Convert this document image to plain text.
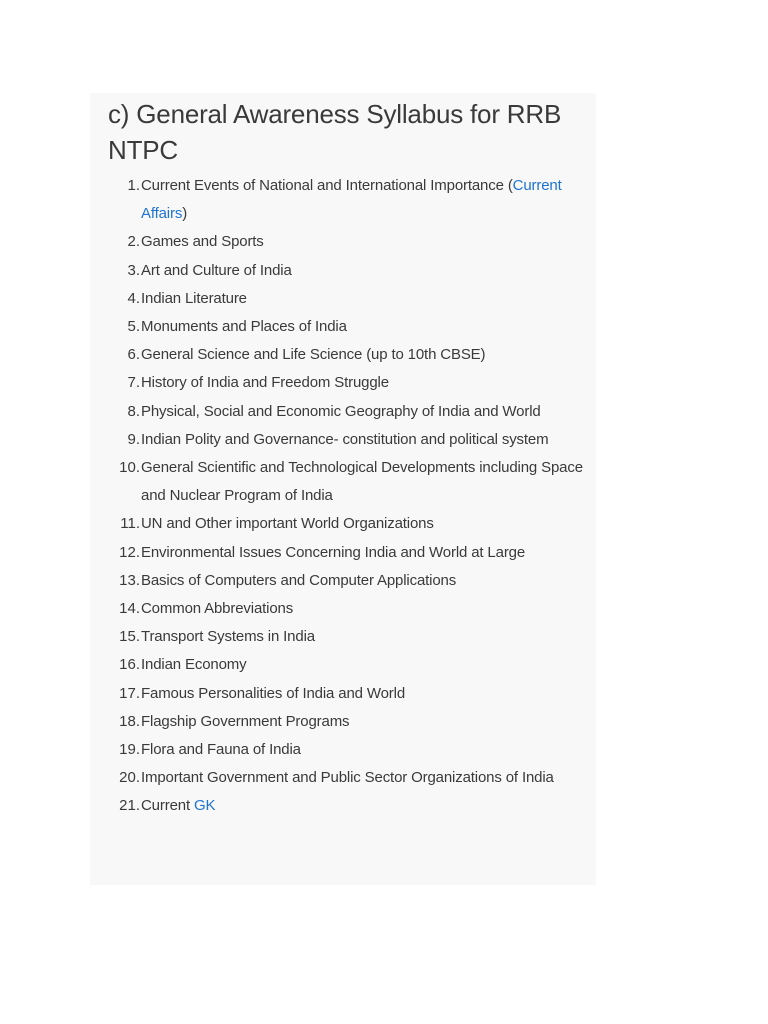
c) General Awareness Syllabus for RRB NTPC
1. Current Events of National and International Importance (Current Affairs)
2. Games and Sports
3. Art and Culture of India
4. Indian Literature
5. Monuments and Places of India
6. General Science and Life Science (up to 10th CBSE)
7. History of India and Freedom Struggle
8. Physical, Social and Economic Geography of India and World
9. Indian Polity and Governance- constitution and political system
10. General Scientific and Technological Developments including Space and Nuclear Program of India
11. UN and Other important World Organizations
12. Environmental Issues Concerning India and World at Large
13. Basics of Computers and Computer Applications
14. Common Abbreviations
15. Transport Systems in India
16. Indian Economy
17. Famous Personalities of India and World
18. Flagship Government Programs
19. Flora and Fauna of India
20. Important Government and Public Sector Organizations of India
21. Current GK
